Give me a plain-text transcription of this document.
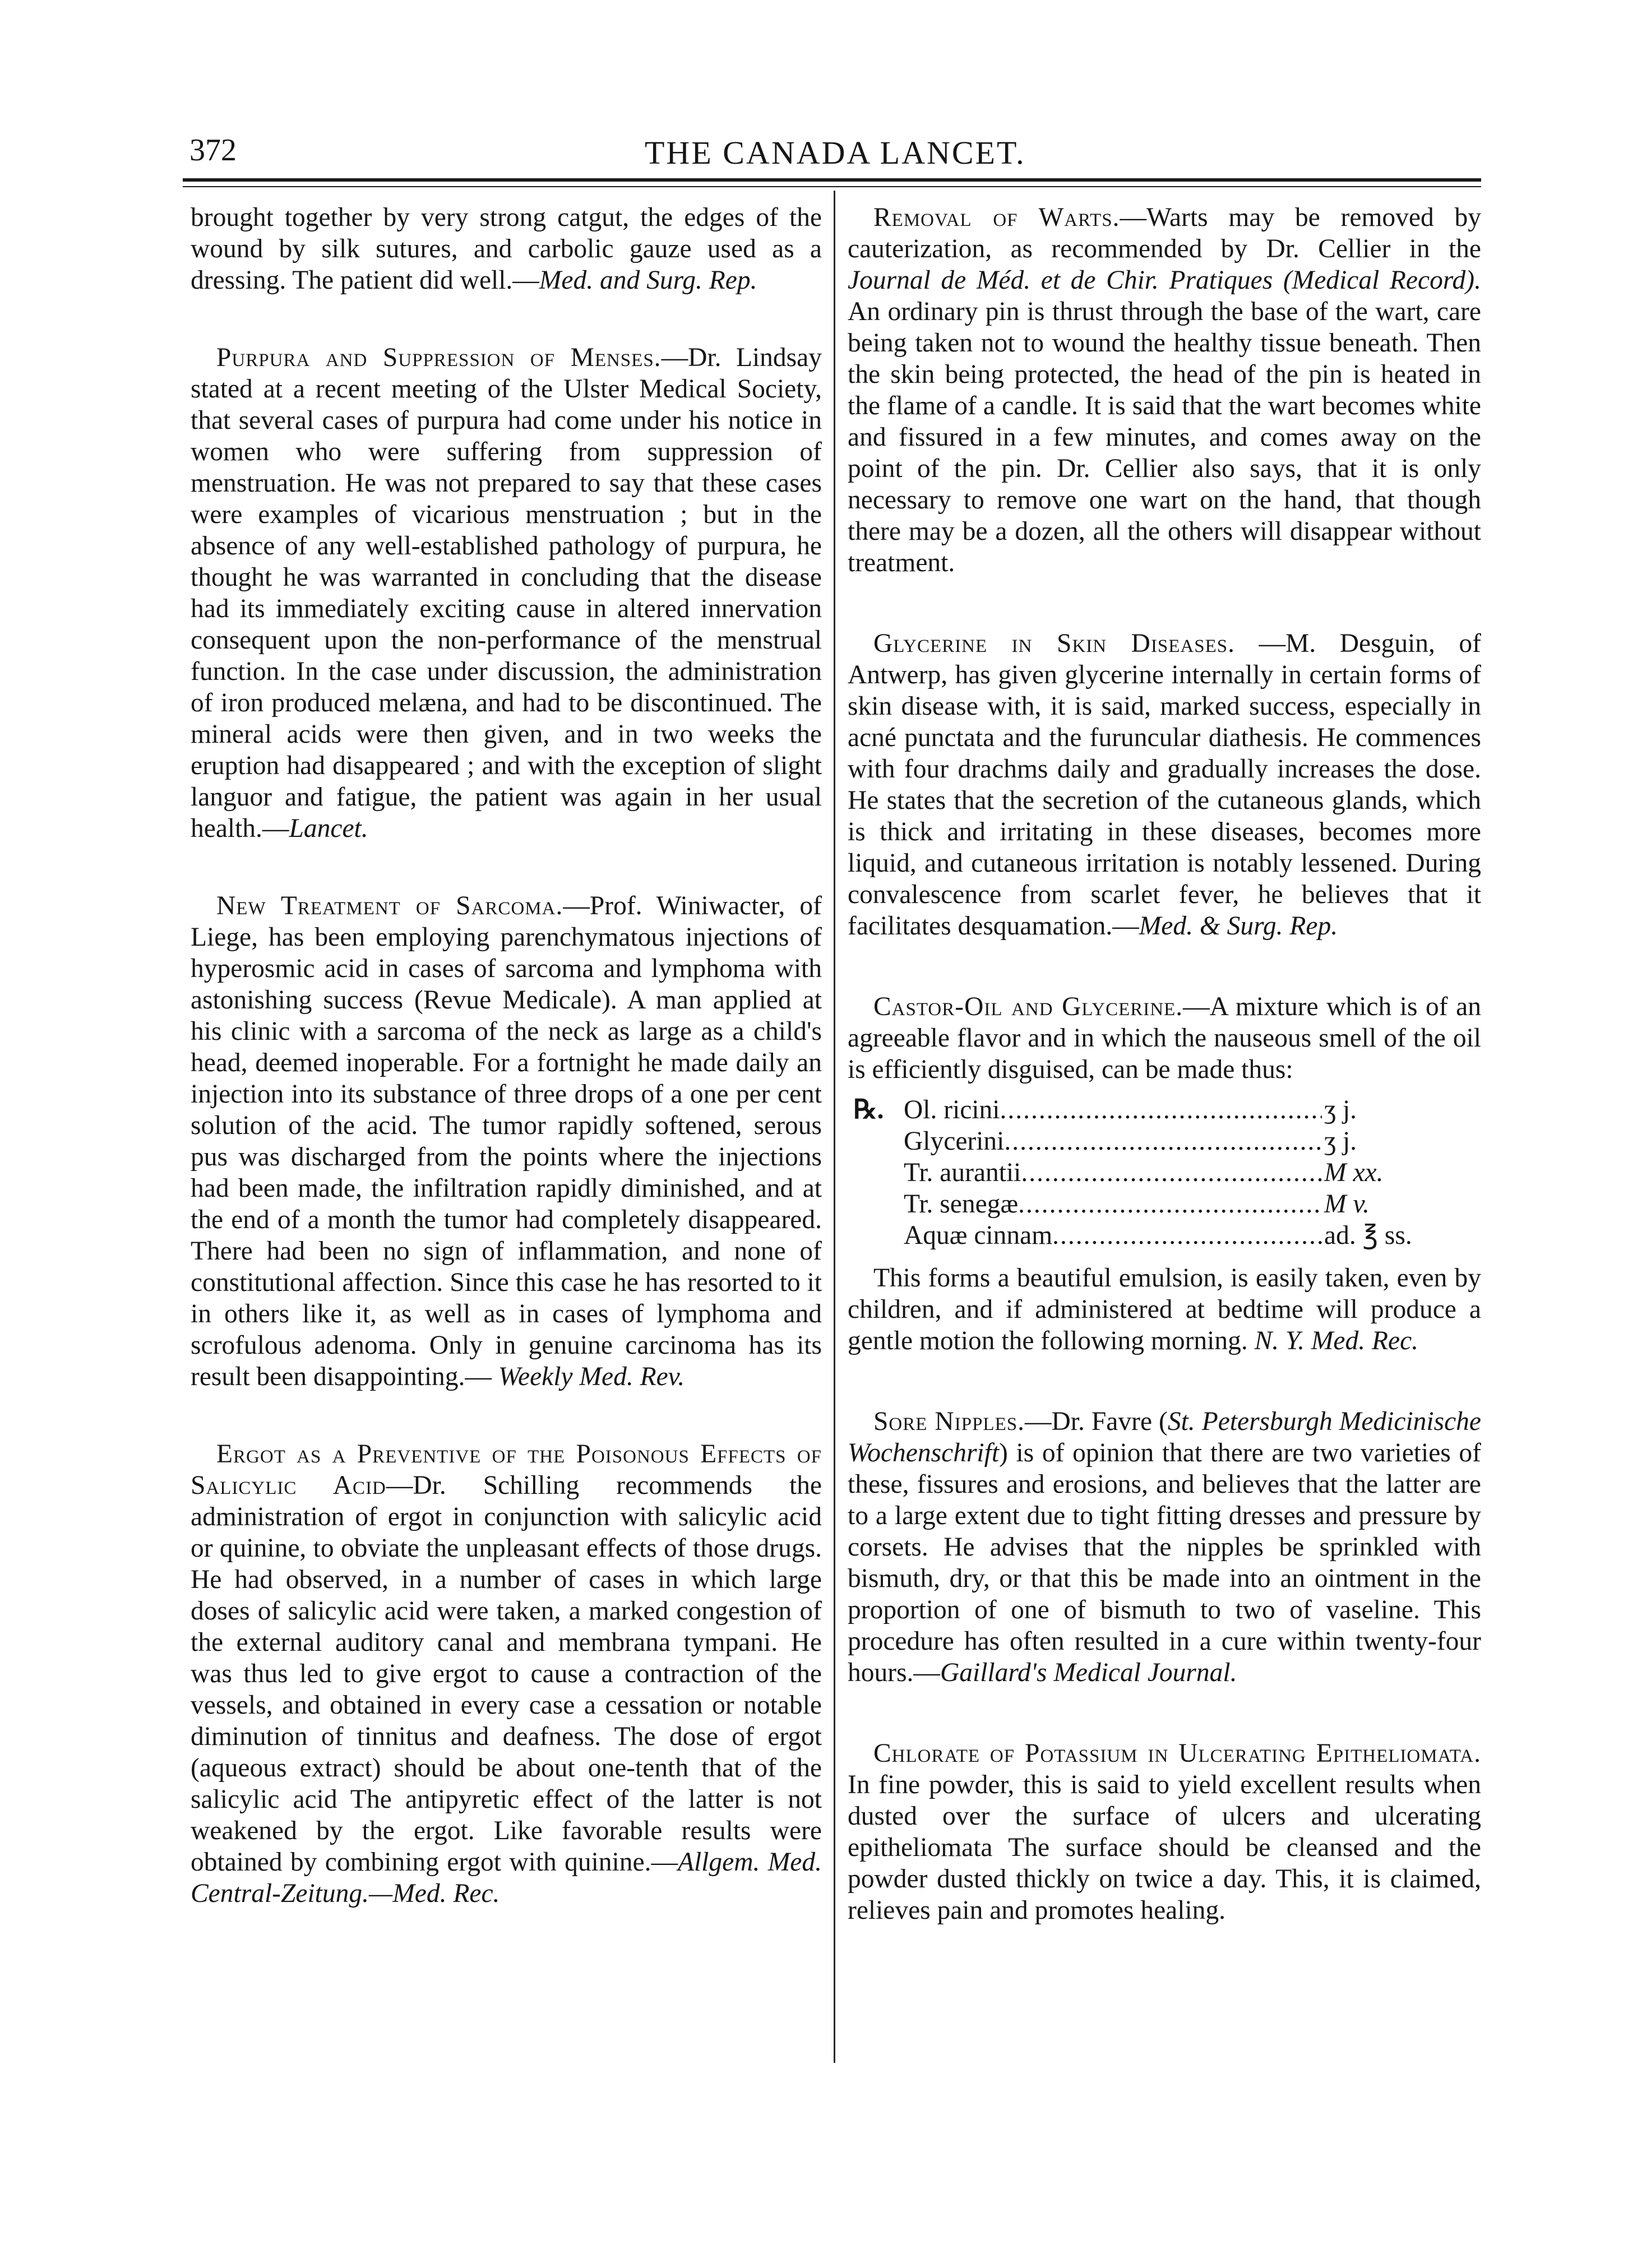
372	THE CANADA LANCET.

brought together by very strong catgut, the edges of the wound by silk sutures, and carbolic gauze used as a dressing. The patient did well.—Med. and Surg. Rep.

Purpura and Suppression of Menses.—Dr. Lindsay stated at a recent meeting of the Ulster Medical Society, that several cases of purpura had come under his notice in women who were suffering from suppression of menstruation. He was not prepared to say that these cases were examples of vicarious menstruation ; but in the absence of any well-established pathology of purpura, he thought he was warranted in concluding that the disease had its immediately exciting cause in altered innervation consequent upon the non-performance of the menstrual function. In the case under discussion, the administration of iron produced melæna, and had to be discontinued. The mineral acids were then given, and in two weeks the eruption had disappeared ; and with the exception of slight languor and fatigue, the patient was again in her usual health.—Lancet.

New Treatment of Sarcoma.—Prof. Winiwacter, of Liege, has been employing parenchymatous injections of hyperosmic acid in cases of sarcoma and lymphoma with astonishing success (Revue Medicale). A man applied at his clinic with a sarcoma of the neck as large as a child's head, deemed inoperable. For a fortnight he made daily an injection into its substance of three drops of a one per cent solution of the acid. The tumor rapidly softened, serous pus was discharged from the points where the injections had been made, the infiltration rapidly diminished, and at the end of a month the tumor had completely disappeared. There had been no sign of inflammation, and none of constitutional affection. Since this case he has resorted to it in others like it, as well as in cases of lymphoma and scrofulous adenoma. Only in genuine carcinoma has its result been disappointing.— Weekly Med. Rev.

Ergot as a Preventive of the Poisonous Effects of Salicylic Acid—Dr. Schilling recommends the administration of ergot in conjunction with salicylic acid or quinine, to obviate the unpleasant effects of those drugs. He had observed, in a number of cases in which large doses of salicylic acid were taken, a marked congestion of the external auditory canal and membrana tympani. He was thus led to give ergot to cause a contraction of the vessels, and obtained in every case a cessation or notable diminution of tinnitus and deafness. The dose of ergot (aqueous extract) should be about one-tenth that of the salicylic acid The antipyretic effect of the latter is not weakened by the ergot. Like favorable results were obtained by combining ergot with quinine.—Allgem. Med. Central-Zeitung.—Med. Rec.

Removal of Warts.—Warts may be removed by cauterization, as recommended by Dr. Cellier in the Journal de Méd. et de Chir. Pratiques (Medical Record). An ordinary pin is thrust through the base of the wart, care being taken not to wound the healthy tissue beneath. Then the skin being protected, the head of the pin is heated in the flame of a candle. It is said that the wart becomes white and fissured in a few minutes, and comes away on the point of the pin. Dr. Cellier also says, that it is only necessary to remove one wart on the hand, that though there may be a dozen, all the others will disappear without treatment.

Glycerine in Skin Diseases. —M. Desguin, of Antwerp, has given glycerine internally in certain forms of skin disease with, it is said, marked success, especially in acné punctata and the furuncular diathesis. He commences with four drachms daily and gradually increases the dose. He states that the secretion of the cutaneous glands, which is thick and irritating in these diseases, becomes more liquid, and cutaneous irritation is notably lessened. During convalescence from scarlet fever, he believes that it facilitates desquamation.—Med. & Surg. Rep.

Castor-Oil and Glycerine.—A mixture which is of an agreeable flavor and in which the nauseous smell of the oil is efficiently disguised, can be made thus:

℞. Ol. ricini .....	ʒ j.
Glycerini .....	ʒ j.
Tr. aurantii .....	M xx.
Tr. senegæ .....	M v.
Aquæ cinnam .....	ad. ℥ ss.

This forms a beautiful emulsion, is easily taken, even by children, and if administered at bedtime will produce a gentle motion the following morning. N. Y. Med. Rec.

Sore Nipples.—Dr. Favre (St. Petersburgh Medicinische Wochenschrift) is of opinion that there are two varieties of these, fissures and erosions, and believes that the latter are to a large extent due to tight fitting dresses and pressure by corsets. He advises that the nipples be sprinkled with bismuth, dry, or that this be made into an ointment in the proportion of one of bismuth to two of vaseline. This procedure has often resulted in a cure within twenty-four hours.—Gaillard's Medical Journal.

Chlorate of Potassium in Ulcerating Epitheliomata. In fine powder, this is said to yield excellent results when dusted over the surface of ulcers and ulcerating epitheliomata The surface should be cleansed and the powder dusted thickly on twice a day. This, it is claimed, relieves pain and promotes healing.
